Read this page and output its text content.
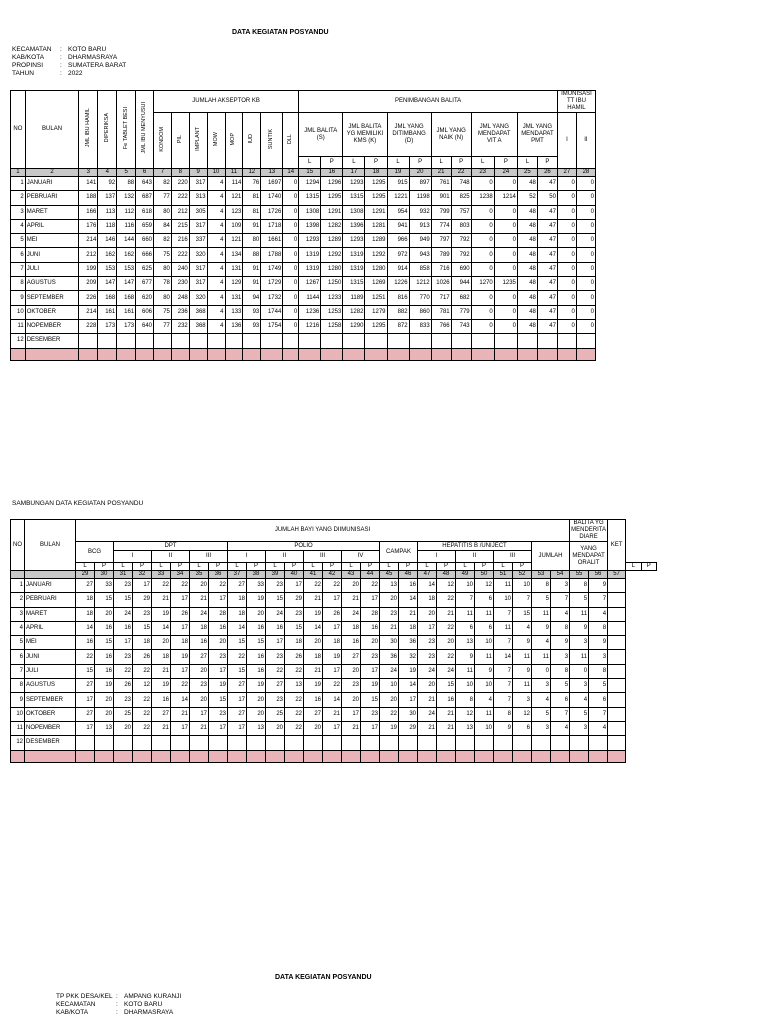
DATA KEGIATAN POSYANDU
KECAMATAN	:	KOTO BARU
KAB/KOTA	:	DHARMASRAYA
PROPINSI	:	SUMATERA BARAT
TAHUN	:	2022
NO	BULAN	JML IBU HAMIL	DIPERIKSA	Fe TABLET BESI	JML IBU MENYUSUI	JUMLAH AKSEPTOR KB								PENIMBANGAN BALITA												IMUNISASI TT IBU HAMIL	
						KONDOM	PIL	IMPLANT	MOW	MOP	IUD	SUNTIK	DLL	JML BALITA (S)		JML BALITA YG MEMILIKI KMS (K)		JML YANG DITIMBANG (D)		JML YANG NAIK (N)		JML YANG MENDAPAT VIT A		JML YANG MENDAPAT PMT		I	II
														L	P	L	P	L	P	L	P	L	P	L	P		
1	2	3	4	5	6	7	8	9	10	11	12	13	14	15	16	17	18	19	20	21	22	23	24	25	26	27	28
1	JANUARI	141	92	88	643	82	220	317	4	114	76	1697	0	1294	1296	1293	1295	915	897	761	748	0	0	48	47	0	0
2	PEBRUARI	188	137	132	687	77	222	313	4	121	81	1740	0	1315	1295	1315	1295	1221	1198	901	825	1238	1214	52	50	0	0
3	MARET	166	113	112	618	80	212	305	4	123	81	1726	0	1308	1291	1308	1291	954	932	799	757	0	0	48	47	0	0
4	APRIL	176	118	116	659	84	215	317	4	109	91	1718	0	1398	1282	1396	1281	941	913	774	803	0	0	48	47	0	0
5	MEI	214	146	144	660	82	216	337	4	121	80	1661	0	1293	1289	1293	1289	966	949	797	792	0	0	48	47	0	0
6	JUNI	212	162	162	666	75	222	320	4	134	88	1788	0	1319	1292	1319	1292	972	943	789	792	0	0	48	47	0	0
7	JULI	199	153	153	625	80	240	317	4	131	91	1749	0	1319	1280	1319	1280	914	858	716	690	0	0	48	47	0	0
8	AGUSTUS	209	147	147	677	78	230	317	4	129	91	1729	0	1267	1250	1315	1269	1226	1212	1026	944	1270	1235	48	47	0	0
9	SEPTEMBER	226	168	168	620	80	248	320	4	131	94	1732	0	1144	1233	1189	1251	816	770	717	682	0	0	48	47	0	0
10	OKTOBER	214	161	161	606	75	236	368	4	133	93	1744	0	1236	1253	1282	1279	882	860	781	779	0	0	48	47	0	0
11	NOPEMBER	228	173	173	640	77	232	368	4	136	93	1754	0	1216	1258	1290	1295	872	833	766	743	0	0	48	47	0	0
12	DESEMBER																										

SAMBUNGAN DATA KEGIATAN POSYANDU
NO	BULAN	JUMLAH BAYI YANG DIIMUNISASI																										BALITA YG MENDERITA DIARE		KET		
		BCG		DPT						POLIO								CAMPAK		HEPATITIS B /UNIJECT						JUMLAH		YANG MENDAPAT ORALIT				
				I		II		III		I		II		III		IV				I		II		III								
		L	P	L	P	L	P	L	P	L	P	L	P	L	P	L	P	L	P	L	P	L	P	L	P						L	P
		29	30	31	32	33	34	35	36	37	38	39	40	41	42	43	44	45	46	47	48	49	50	51	52	53	54	55	56	57		
1	JANUARI	27	33	23	17	22	22	20	22	27	33	23	17	22	22	20	22	13	16	14	12	10	12	11	10	8	3	8	9			
2	PEBRUARI	18	15	15	29	21	17	21	17	18	19	15	29	21	17	21	17	20	14	18	22	7	6	10	7	5	7	5	7			
3	MARET	18	20	24	23	19	26	24	28	18	20	24	23	19	26	24	28	23	21	20	21	11	11	7	15	11	4	11	4			
4	APRIL	14	16	16	15	14	17	18	16	14	16	16	15	14	17	18	16	21	18	17	22	6	6	11	4	9	8	9	8			
5	MEI	16	15	17	18	20	18	16	20	15	15	17	18	20	18	16	20	30	36	23	20	13	10	7	9	4	9	3	9			
6	JUNI	22	16	23	26	18	19	27	23	22	16	23	26	18	19	27	23	36	32	23	22	9	11	14	11	11	3	11	3			
7	JULI	15	16	22	22	21	17	20	17	15	16	22	22	21	17	20	17	24	19	24	24	11	9	7	9	0	8	0	8			
8	AGUSTUS	27	19	26	12	19	22	23	19	27	19	27	13	19	22	23	19	10	14	20	15	10	10	7	11	3	5	3	5			
9	SEPTEMBER	17	20	23	22	16	14	20	15	17	20	23	22	16	14	20	15	20	17	21	16	8	4	7	3	4	6	4	6			
10	OKTOBER	27	20	25	22	27	21	17	23	27	20	25	22	27	21	17	23	22	30	24	21	12	11	8	12	5	7	5	7			
11	NOPEMBER	17	13	20	22	21	17	21	17	17	13	20	22	20	17	21	17	19	29	21	21	13	10	9	6	3	4	3	4			
12	DESEMBER																															

DATA KEGIATAN POSYANDU
TP PKK DESA/KEL	:	AMPANG KURANJI
KECAMATAN	:	KOTO BARU
KAB/KOTA	:	DHARMASRAYA
